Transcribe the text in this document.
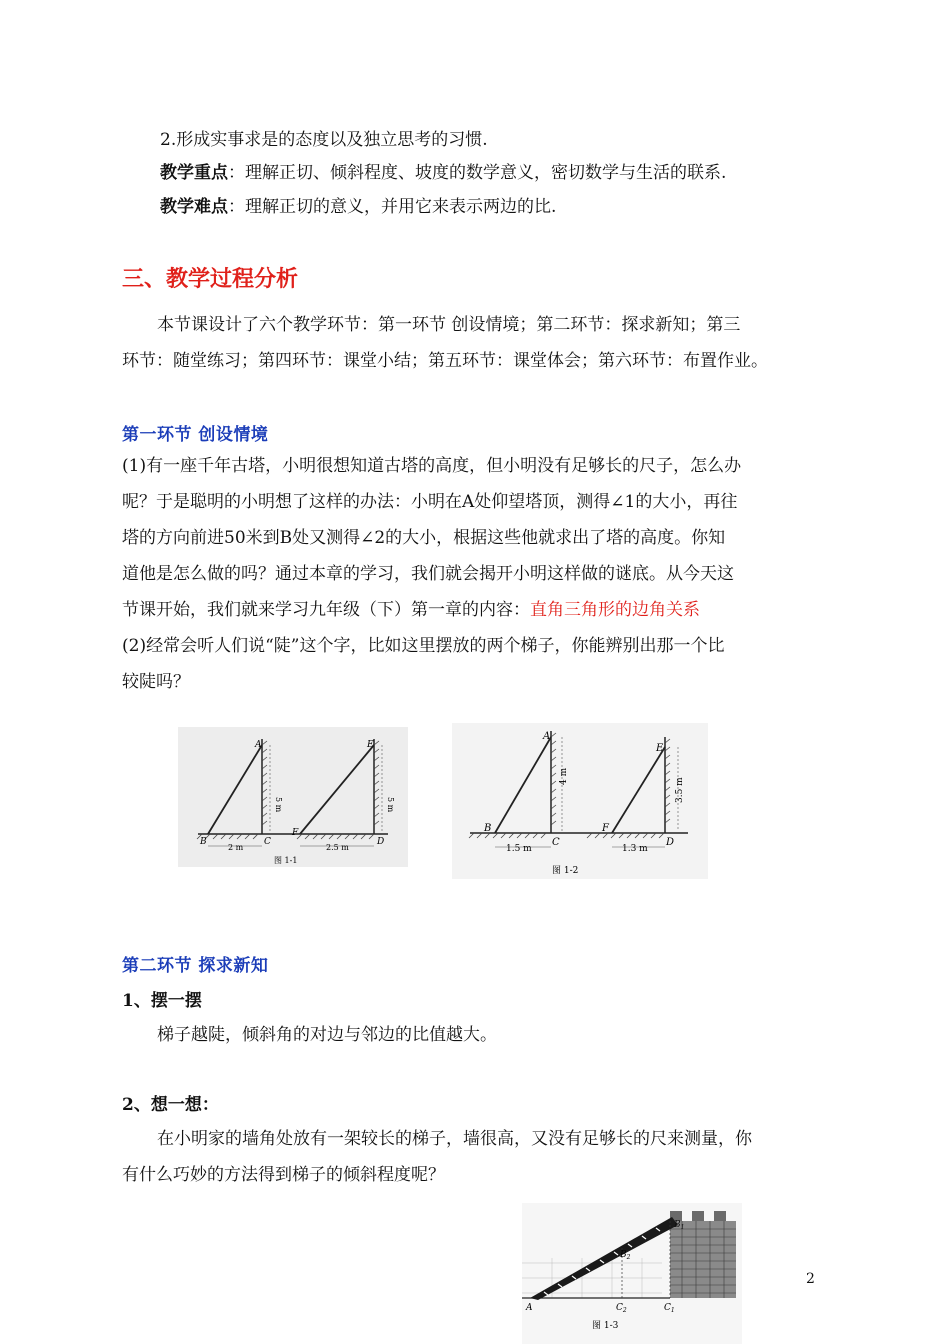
2.形成实事求是的态度以及独立思考的习惯.
教学重点：理解正切、倾斜程度、坡度的数学意义，密切数学与生活的联系.
教学难点：理解正切的意义，并用它来表示两边的比.
三、教学过程分析
本节课设计了六个教学环节：第一环节 创设情境；第二环节：探求新知；第三
环节：随堂练习；第四环节：课堂小结；第五环节：课堂体会；第六环节：布置作业。
第一环节 创设情境
(1)有一座千年古塔，小明很想知道古塔的高度，但小明没有足够长的尺子，怎么办
呢？于是聪明的小明想了这样的办法：小明在A处仰望塔顶，测得∠1的大小，再往
塔的方向前进50米到B处又测得∠2的大小，根据这些他就求出了塔的高度。你知
道他是怎么做的吗？通过本章的学习，我们就会揭开小明这样做的谜底。从今天这
节课开始，我们就来学习九年级（下）第一章的内容：直角三角形的边角关系
(2)经常会听人们说“陡”这个字，比如这里摆放的两个梯子，你能辨别出那一个比
较陡吗？
A
B	C
E
F
D
5 m	5 m
2 m	2.5 m
图 1-1
A
B
C
E
F
D
4 m
3.5 m
1.5 m	1.3 m
图 1-2
第二环节 探求新知
1、摆一摆
梯子越陡，倾斜角的对边与邻边的比值越大。
2、想一想：
在小明家的墙角处放有一架较长的梯子，墙很高，又没有足够长的尺来测量，你
有什么巧妙的方法得到梯子的倾斜程度呢？
A
$B_1$
$B_2$
$C_2$	$C_1$
图 1-3
2
